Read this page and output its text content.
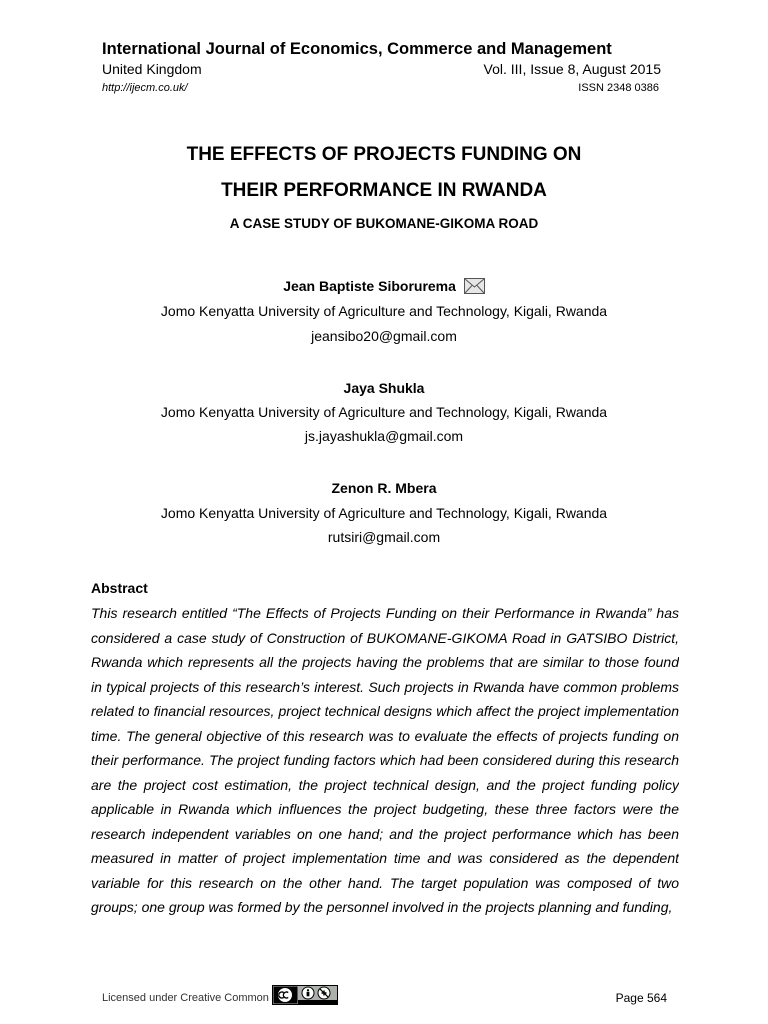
International Journal of Economics, Commerce and Management
United Kingdom	Vol. III, Issue 8, August 2015
http://ijecm.co.uk/	ISSN 2348 0386
THE EFFECTS OF PROJECTS FUNDING ON
THEIR PERFORMANCE IN RWANDA
A CASE STUDY OF BUKOMANE-GIKOMA ROAD
Jean Baptiste Siborurema
Jomo Kenyatta University of Agriculture and Technology, Kigali, Rwanda
jeansibo20@gmail.com
Jaya Shukla
Jomo Kenyatta University of Agriculture and Technology, Kigali, Rwanda
js.jayashukla@gmail.com
Zenon R. Mbera
Jomo Kenyatta University of Agriculture and Technology, Kigali, Rwanda
rutsiri@gmail.com
Abstract

This research entitled “The Effects of Projects Funding on their Performance in Rwanda” has considered a case study of Construction of BUKOMANE-GIKOMA Road in GATSIBO District, Rwanda which represents all the projects having the problems that are similar to those found in typical projects of this research’s interest. Such projects in Rwanda have common problems related to financial resources, project technical designs which affect the project implementation time. The general objective of this research was to evaluate the effects of projects funding on their performance. The project funding factors which had been considered during this research are the project cost estimation, the project technical design, and the project funding policy applicable in Rwanda which influences the project budgeting, these three factors were the research independent variables on one hand; and the project performance which has been measured in matter of project implementation time and was considered as the dependent variable for this research on the other hand. The target population was composed of two groups; one group was formed by the personnel involved in the projects planning and funding,

Licensed under Creative Common	Page 564
